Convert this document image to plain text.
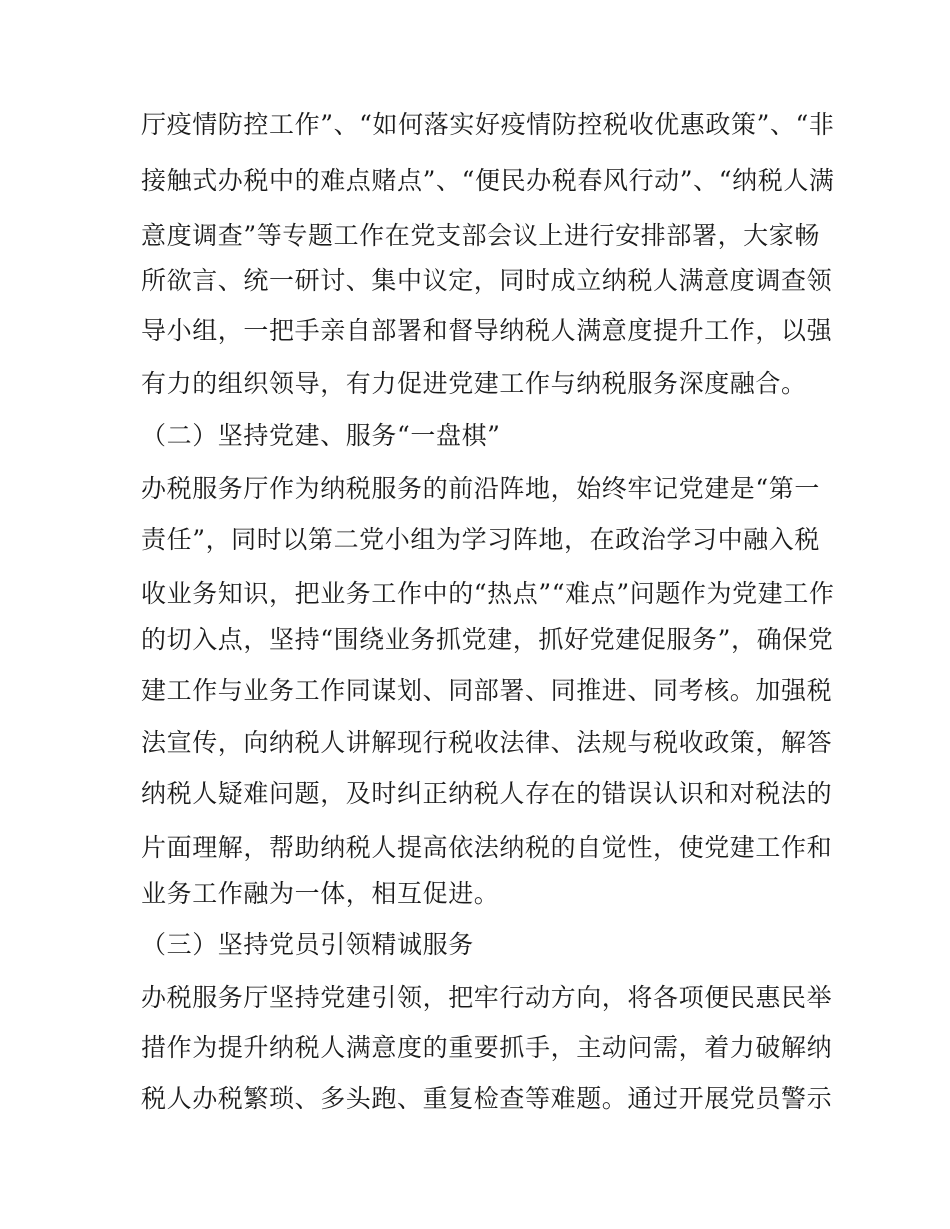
厅疫情防控工作”、“如何落实好疫情防控税收优惠政策”、“非
接触式办税中的难点赌点”、“便民办税春风行动”、“纳税人满
意度调查”等专题工作在党支部会议上进行安排部署，大家畅
所欲言、统一研讨、集中议定，同时成立纳税人满意度调查领
导小组，一把手亲自部署和督导纳税人满意度提升工作，以强
有力的组织领导，有力促进党建工作与纳税服务深度融合。
（二）坚持党建、服务“一盘棋”
办税服务厅作为纳税服务的前沿阵地，始终牢记党建是“第一
责任”，同时以第二党小组为学习阵地，在政治学习中融入税
收业务知识，把业务工作中的“热点”“难点”问题作为党建工作
的切入点，坚持“围绕业务抓党建，抓好党建促服务”，确保党
建工作与业务工作同谋划、同部署、同推进、同考核。加强税
法宣传，向纳税人讲解现行税收法律、法规与税收政策，解答
纳税人疑难问题，及时纠正纳税人存在的错误认识和对税法的
片面理解，帮助纳税人提高依法纳税的自觉性，使党建工作和
业务工作融为一体，相互促进。
（三）坚持党员引领精诚服务
办税服务厅坚持党建引领，把牢行动方向，将各项便民惠民举
措作为提升纳税人满意度的重要抓手，主动问需，着力破解纳
税人办税繁琐、多头跑、重复检查等难题。通过开展党员警示
